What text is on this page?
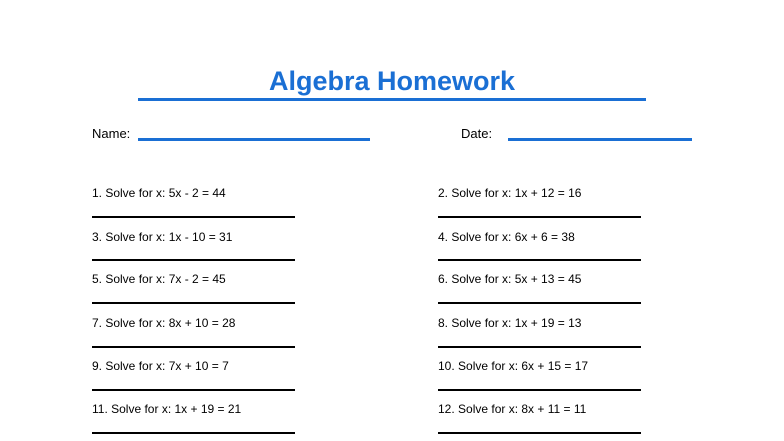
Algebra Homework
Name:	Date:
1. Solve for x: 5x - 2 = 44	2. Solve for x: 1x + 12 = 16
3. Solve for x: 1x - 10 = 31	4. Solve for x: 6x + 6 = 38
5. Solve for x: 7x - 2 = 45	6. Solve for x: 5x + 13 = 45
7. Solve for x: 8x + 10 = 28	8. Solve for x: 1x + 19 = 13
9. Solve for x: 7x + 10 = 7	10. Solve for x: 6x + 15 = 17
11. Solve for x: 1x + 19 = 21	12. Solve for x: 8x + 11 = 11
